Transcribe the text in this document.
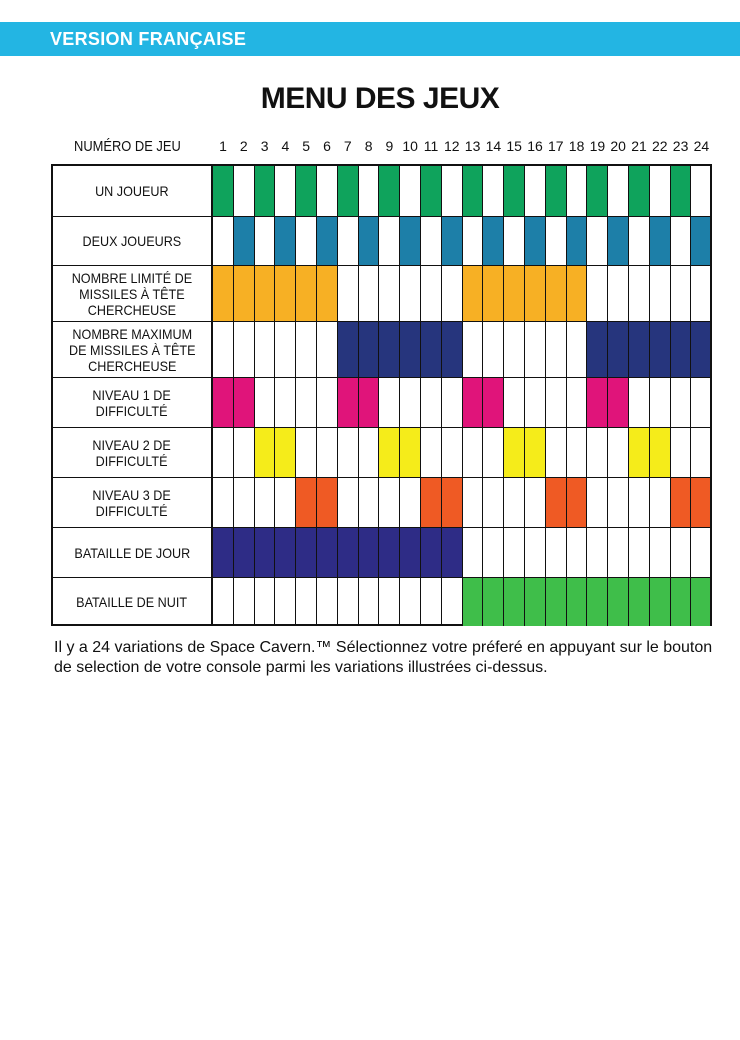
VERSION FRANÇAISE
MENU DES JEUX
NUMÉRO DE JEU	1 2 3 4 5 6 7 8 9 10 11 12 13 14 15 16 17 18 19 20 21 22 23 24
UN JOUEUR
DEUX JOUEURS
NOMBRE LIMITÉ DE
MISSILES À TÊTE
CHERCHEUSE
NOMBRE MAXIMUM
DE MISSILES À TÊTE
CHERCHEUSE
NIVEAU 1 DE
DIFFICULTÉ
NIVEAU 2 DE
DIFFICULTÉ
NIVEAU 3 DE
DIFFICULTÉ
BATAILLE DE JOUR
BATAILLE DE NUIT
Il y a 24 variations de Space Cavern.™ Sélectionnez votre préferé en appuyant sur le bouton de selection de votre console parmi les variations illustrées ci-dessus.
